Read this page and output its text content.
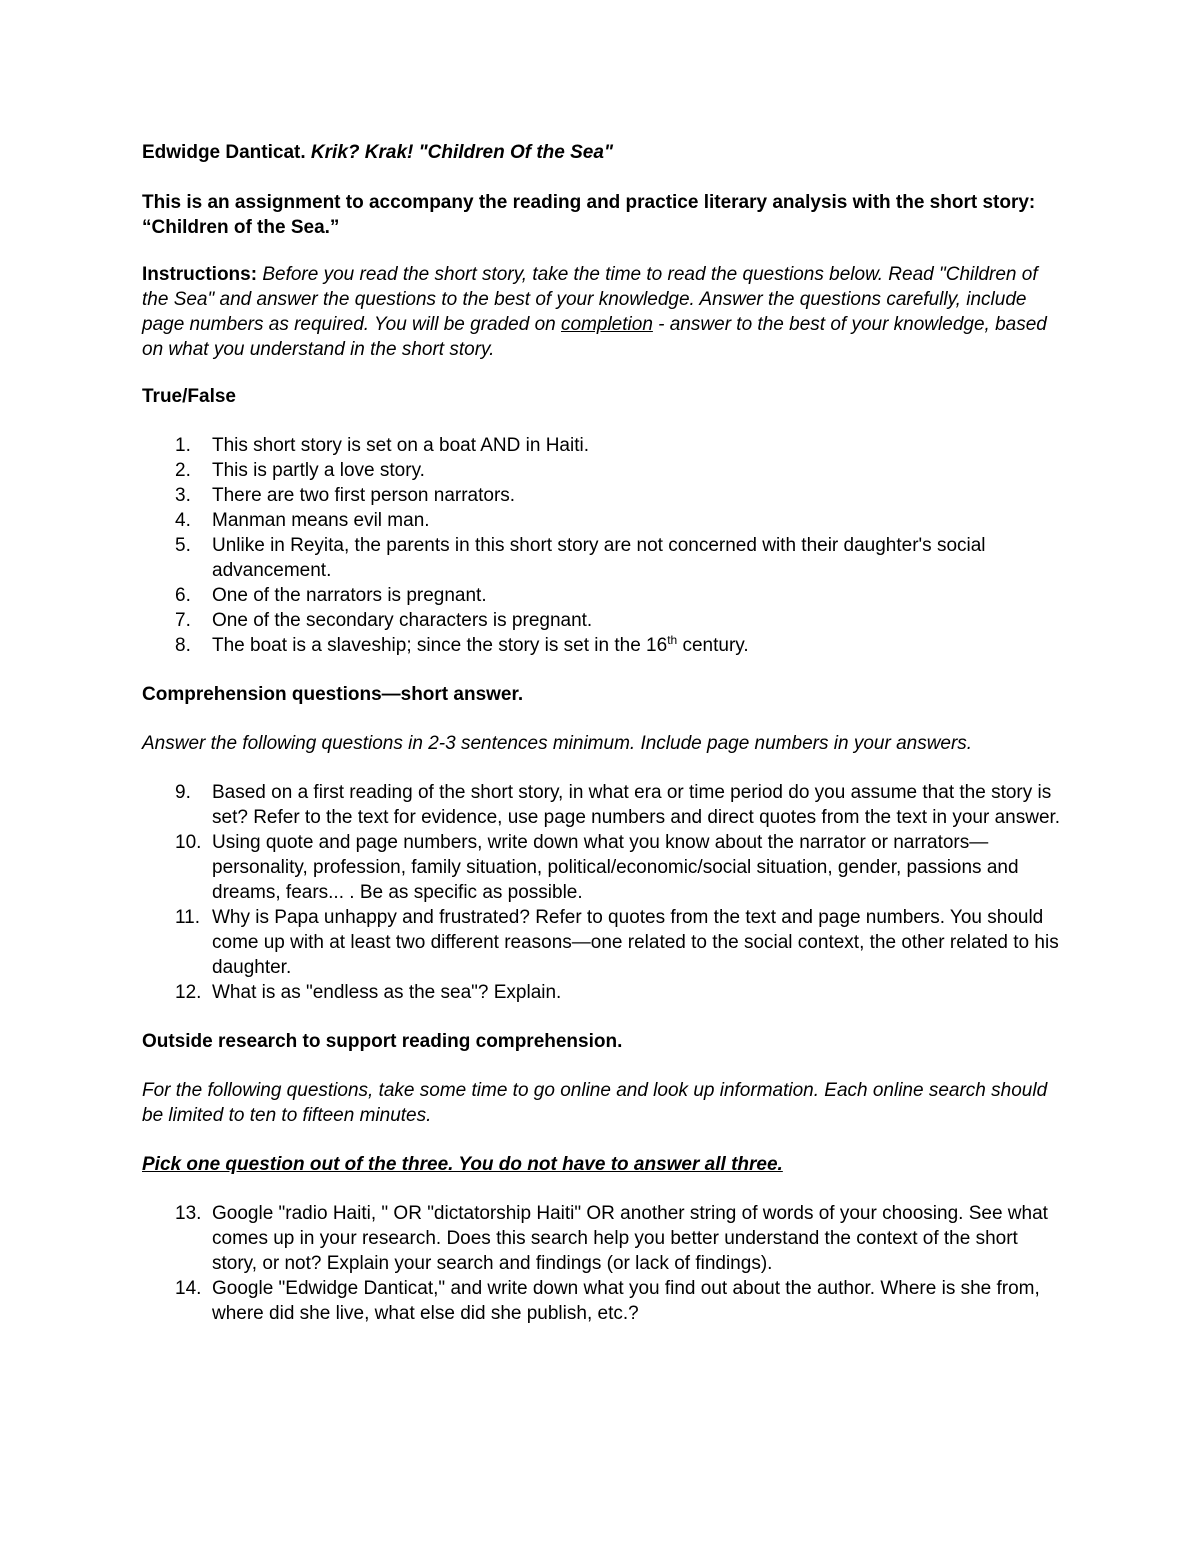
Edwidge Danticat. Krik? Krak! "Children Of the Sea"

This is an assignment to accompany the reading and practice literary analysis with the short story: “Children of the Sea.”

Instructions: Before you read the short story, take the time to read the questions below. Read "Children of the Sea" and answer the questions to the best of your knowledge. Answer the questions carefully, include page numbers as required. You will be graded on completion - answer to the best of your knowledge, based on what you understand in the short story.

True/False

1.	This short story is set on a boat AND in Haiti.
2.	This is partly a love story.
3.	There are two first person narrators.
4.	Manman means evil man.
5.	Unlike in Reyita, the parents in this short story are not concerned with their daughter's social advancement.
6.	One of the narrators is pregnant.
7.	One of the secondary characters is pregnant.
8.	The boat is a slaveship; since the story is set in the 16th century.

Comprehension questions—short answer.

Answer the following questions in 2-3 sentences minimum. Include page numbers in your answers.

9.	Based on a first reading of the short story, in what era or time period do you assume that the story is set? Refer to the text for evidence, use page numbers and direct quotes from the text in your answer.
10. Using quote and page numbers, write down what you know about the narrator or narrators—personality, profession, family situation, political/economic/social situation, gender, passions and dreams, fears... . Be as specific as possible.
11. Why is Papa unhappy and frustrated? Refer to quotes from the text and page numbers. You should come up with at least two different reasons—one related to the social context, the other related to his daughter.
12. What is as "endless as the sea"? Explain.

Outside research to support reading comprehension.

For the following questions, take some time to go online and look up information. Each online search should be limited to ten to fifteen minutes.

Pick one question out of the three. You do not have to answer all three.

13. Google "radio Haiti, " OR "dictatorship Haiti" OR another string of words of your choosing. See what comes up in your research. Does this search help you better understand the context of the short story, or not? Explain your search and findings (or lack of findings).
14. Google "Edwidge Danticat," and write down what you find out about the author. Where is she from, where did she live, what else did she publish, etc.?
